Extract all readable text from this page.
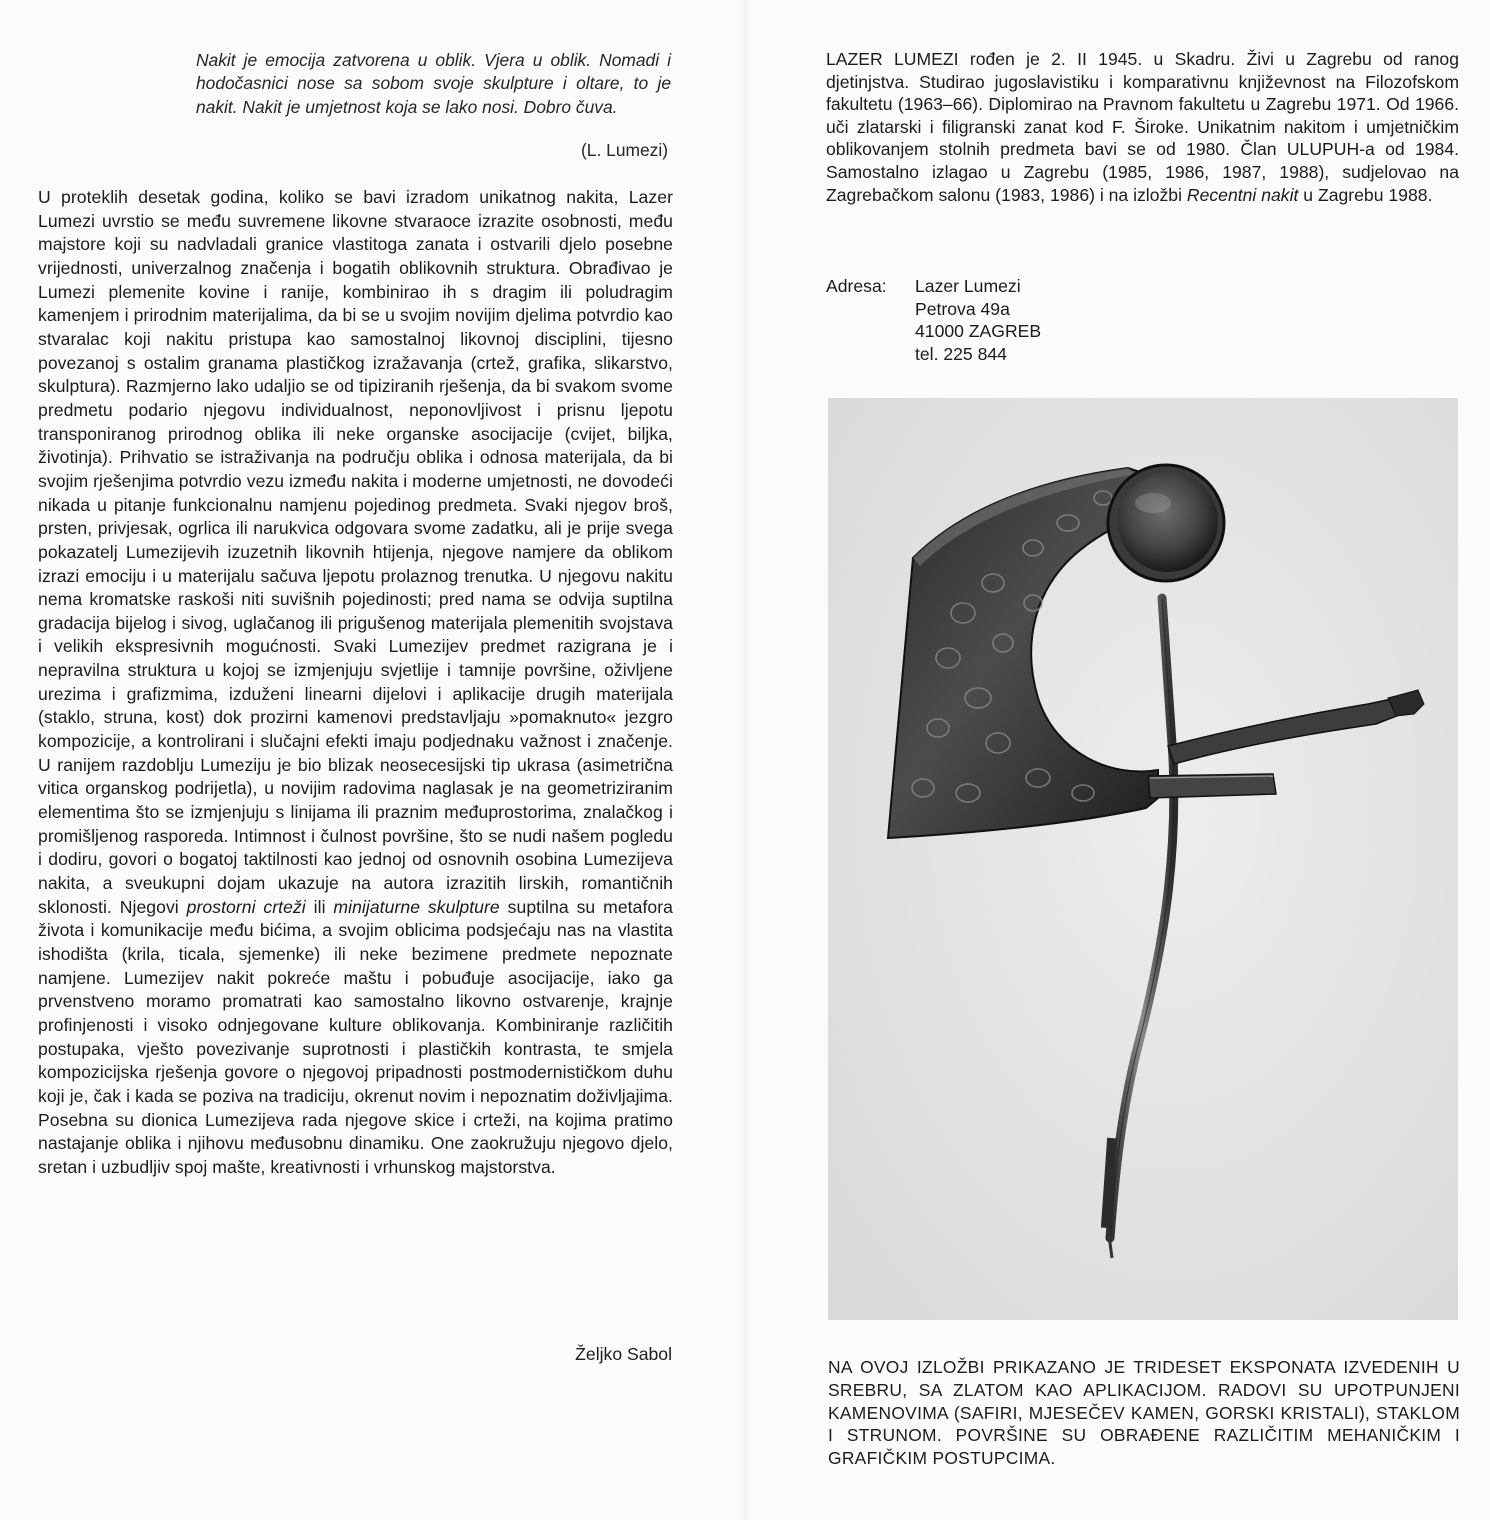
Nakit je emocija zatvorena u oblik. Vjera u oblik. Nomadi i hodočasnici nose sa sobom svoje skulpture i oltare, to je nakit. Nakit je umjetnost koja se lako nosi. Dobro čuva.

(L. Lumezi)

U proteklih desetak godina, koliko se bavi izradom unikatnog nakita, Lazer Lumezi uvrstio se među suvremene likovne stvaraoce izrazite osobnosti, među majstore koji su nadvladali granice vlastitoga zanata i ostvarili djelo posebne vrijednosti, univerzalnog značenja i bogatih oblikovnih struktura. Obrađivao je Lumezi plemenite kovine i ranije, kombinirao ih s dragim ili poludragim kamenjem i prirodnim materijalima, da bi se u svojim novijim djelima potvrdio kao stvaralac koji nakitu pristupa kao samostalnoj likovnoj disciplini, tijesno povezanoj s ostalim granama plastičkog izražavanja (crtež, grafika, slikarstvo, skulptura). Razmjerno lako udaljio se od tipiziranih rješenja, da bi svakom svome predmetu podario njegovu individualnost, neponovljivost i prisnu ljepotu transponiranog prirodnog oblika ili neke organske asocijacije (cvijet, biljka, životinja). Prihvatio se istraživanja na području oblika i odnosa materijala, da bi svojim rješenjima potvrdio vezu između nakita i moderne umjetnosti, ne dovodeći nikada u pitanje funkcionalnu namjenu pojedinog predmeta. Svaki njegov broš, prsten, privjesak, ogrlica ili narukvica odgovara svome zadatku, ali je prije svega pokazatelj Lumezijevih izuzetnih likovnih htijenja, njegove namjere da oblikom izrazi emociju i u materijalu sačuva ljepotu prolaznog trenutka. U njegovu nakitu nema kromatske raskoši niti suvišnih pojedinosti; pred nama se odvija suptilna gradacija bijelog i sivog, uglačanog ili prigušenog materijala plemenitih svojstava i velikih ekspresivnih mogućnosti. Svaki Lumezijev predmet razigrana je i nepravilna struktura u kojoj se izmjenjuju svjetlije i tamnije površine, oživljene urezima i grafizmima, izduženi linearni dijelovi i aplikacije drugih materijala (staklo, struna, kost) dok prozirni kamenovi predstavljaju »pomaknuto« jezgro kompozicije, a kontrolirani i slučajni efekti imaju podjednaku važnost i značenje. U ranijem razdoblju Lumeziju je bio blizak neosecesijski tip ukrasa (asimetrična vitica organskog podrijetla), u novijim radovima naglasak je na geometriziranim elementima što se izmjenjuju s linijama ili praznim međuprostorima, znalačkog i promišljenog rasporeda. Intimnost i čulnost površine, što se nudi našem pogledu i dodiru, govori o bogatoj taktilnosti kao jednoj od osnovnih osobina Lumezijeva nakita, a sveukupni dojam ukazuje na autora izrazitih lirskih, romantičnih sklonosti. Njegovi prostorni crteži ili minijaturne skulpture suptilna su metafora života i komunikacije među bićima, a svojim oblicima podsjećaju nas na vlastita ishodišta (krila, ticala, sjemenke) ili neke bezimene predmete nepoznate namjene. Lumezijev nakit pokreće maštu i pobuđuje asocijacije, iako ga prvenstveno moramo promatrati kao samostalno likovno ostvarenje, krajnje profinjenosti i visoko odnjegovane kulture oblikovanja. Kombiniranje različitih postupaka, vješto povezivanje suprotnosti i plastičkih kontrasta, te smjela kompozicijska rješenja govore o njegovoj pripadnosti postmodernističkom duhu koji je, čak i kada se poziva na tradiciju, okrenut novim i nepoznatim doživljajima. Posebna su dionica Lumezijeva rada njegove skice i crteži, na kojima pratimo nastajanje oblika i njihovu međusobnu dinamiku. One zaokružuju njegovo djelo, sretan i uzbudljiv spoj mašte, kreativnosti i vrhunskog majstorstva.

Željko Sabol

LAZER LUMEZI rođen je 2. II 1945. u Skadru. Živi u Zagrebu od ranog djetinjstva. Studirao jugoslavistiku i komparativnu književnost na Filozofskom fakultetu (1963–66). Diplomirao na Pravnom fakultetu u Zagrebu 1971. Od 1966. uči zlatarski i filigranski zanat kod F. Široke. Unikatnim nakitom i umjetničkim oblikovanjem stolnih predmeta bavi se od 1980. Član ULUPUH-a od 1984. Samostalno izlagao u Zagrebu (1985, 1986, 1987, 1988), sudjelovao na Zagrebačkom salonu (1983, 1986) i na izložbi Recentni nakit u Zagrebu 1988.

Adresa:	Lazer Lumezi
Petrova 49a
41000 ZAGREB
tel. 225 844

NA OVOJ IZLOŽBI PRIKAZANO JE TRIDESET EKSPONATA IZVEDENIH U SREBRU, SA ZLATOM KAO APLIKACIJOM. RADOVI SU UPOTPUNJENI KAMENOVIMA (SAFIRI, MJESEČEV KAMEN, GORSKI KRISTALI), STAKLOM I STRUNOM. POVRŠINE SU OBRAĐENE RAZLIČITIM MEHANIČKIM I GRAFIČKIM POSTUPCIMA.
